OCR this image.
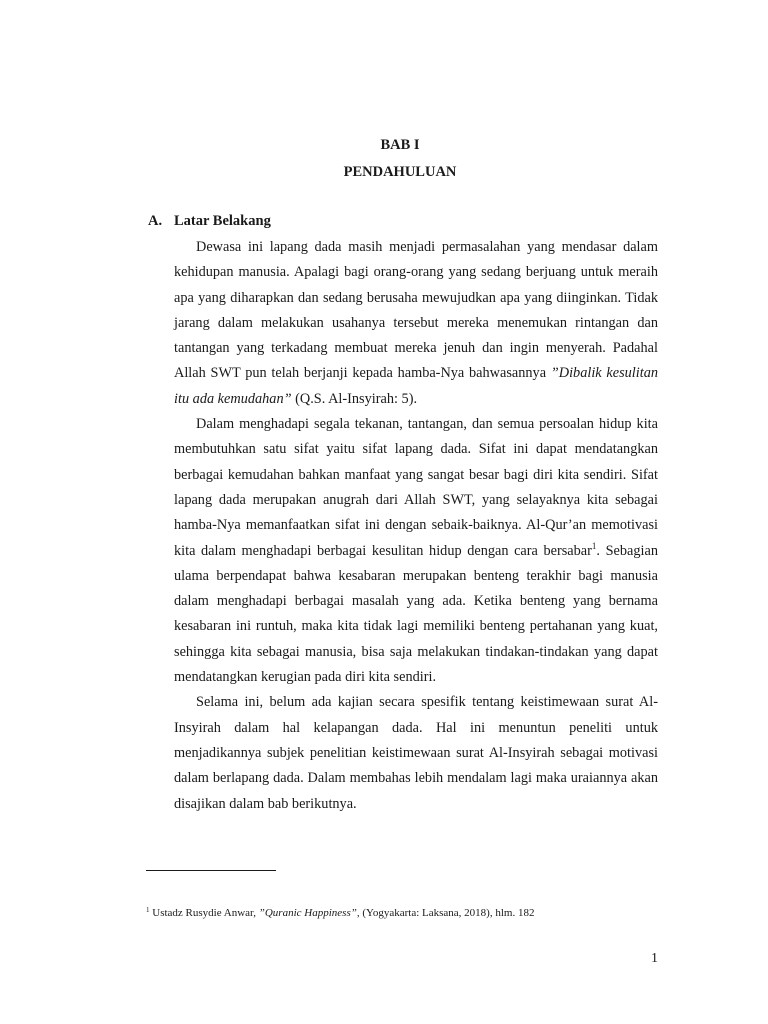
BAB I
PENDAHULUAN
A. Latar Belakang

Dewasa ini lapang dada masih menjadi permasalahan yang mendasar dalam kehidupan manusia. Apalagi bagi orang-orang yang sedang berjuang untuk meraih apa yang diharapkan dan sedang berusaha mewujudkan apa yang diinginkan. Tidak jarang dalam melakukan usahanya tersebut mereka menemukan rintangan dan tantangan yang terkadang membuat mereka jenuh dan ingin menyerah. Padahal Allah SWT pun telah berjanji kepada hamba-Nya bahwasannya ”Dibalik kesulitan itu ada kemudahan” (Q.S. Al-Insyirah: 5).

Dalam menghadapi segala tekanan, tantangan, dan semua persoalan hidup kita membutuhkan satu sifat yaitu sifat lapang dada. Sifat ini dapat mendatangkan berbagai kemudahan bahkan manfaat yang sangat besar bagi diri kita sendiri. Sifat lapang dada merupakan anugrah dari Allah SWT, yang selayaknya kita sebagai hamba-Nya memanfaatkan sifat ini dengan sebaik-baiknya. Al-Qur’an memotivasi kita dalam menghadapi berbagai kesulitan hidup dengan cara bersabar$^1$. Sebagian ulama berpendapat bahwa kesabaran merupakan benteng terakhir bagi manusia dalam menghadapi berbagai masalah yang ada. Ketika benteng yang bernama kesabaran ini runtuh, maka kita tidak lagi memiliki benteng pertahanan yang kuat, sehingga kita sebagai manusia, bisa saja melakukan tindakan-tindakan yang dapat mendatangkan kerugian pada diri kita sendiri.

Selama ini, belum ada kajian secara spesifik tentang keistimewaan surat Al-Insyirah dalam hal kelapangan dada. Hal ini menuntun peneliti untuk menjadikannya subjek penelitian keistimewaan surat Al-Insyirah sebagai motivasi dalam berlapang dada. Dalam membahas lebih mendalam lagi maka uraiannya akan disajikan dalam bab berikutnya.

$^1$ Ustadz Rusydie Anwar, ”Quranic Happiness”, (Yogyakarta: Laksana, 2018), hlm. 182
1
